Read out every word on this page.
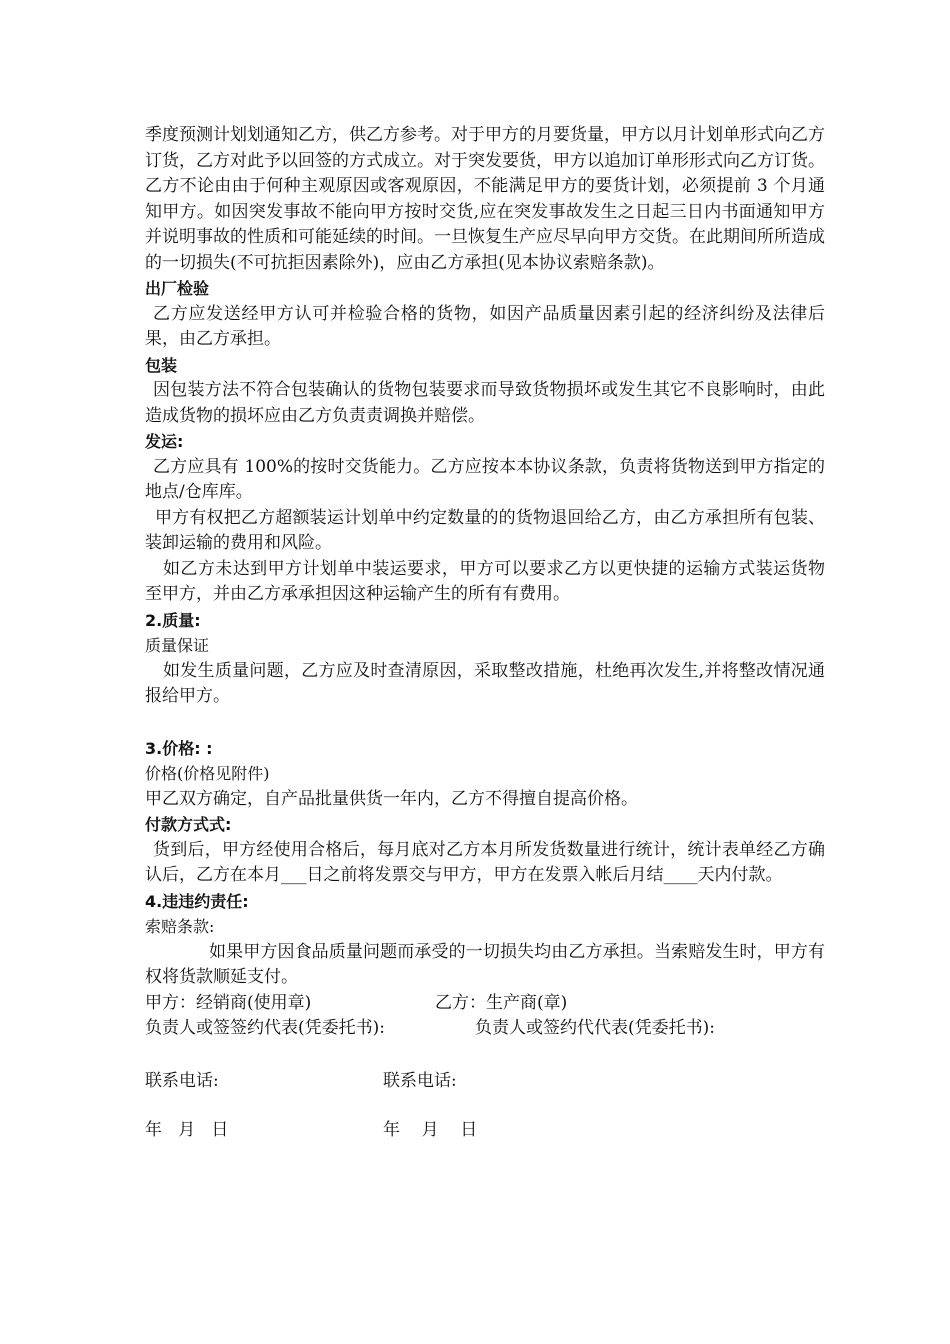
季度预测计划划通知乙方，供乙方参考。对于甲方的月要货量，甲方以月计划单形式向乙方订货，乙方对此予以回签的方式成立。对于突发要货，甲方以追加订单形形式向乙方订货。乙方不论由由于何种主观原因或客观原因，不能满足甲方的要货计划，必须提前 3 个月通知甲方。如因突发事故不能向甲方按时交货,应在突发事故发生之日起三日内书面通知甲方并说明事故的性质和可能延续的时间。一旦恢复生产应尽早向甲方交货。在此期间所所造成的一切损失(不可抗拒因素除外)，应由乙方承担(见本协议索赔条款)。

出厂检验

乙方应发送经甲方认可并检验合格的货物，如因产品质量因素引起的经济纠纷及法律后果，由乙方承担。

包装

因包装方法不符合包装确认的货物包装要求而导致货物损坏或发生其它不良影响时，由此造成货物的损坏应由乙方负责责调换并赔偿。

发运:

乙方应具有 100%的按时交货能力。乙方应按本本协议条款，负责将货物送到甲方指定的地点/仓库库。

甲方有权把乙方超额装运计划单中约定数量的的货物退回给乙方，由乙方承担所有包装、装卸运输的费用和风险。

如乙方未达到甲方计划单中装运要求，甲方可以要求乙方以更快捷的运输方式装运货物至甲方，并由乙方承承担因这种运输产生的所有有费用。

2.质量:

质量保证

如发生质量问题，乙方应及时查清原因，采取整改措施，杜绝再次发生,并将整改情况通报给甲方。

3.价格: :

价格(价格见附件)

甲乙双方确定，自产品批量供货一年内，乙方不得擅自提高价格。

付款方式式:

货到后，甲方经使用合格后，每月底对乙方本月所发货数量进行统计，统计表单经乙方确认后，乙方在本月___日之前将发票交与甲方，甲方在发票入帐后月结____天内付款。

4.违违约责任:

索赔条款:

如果甲方因食品质量问题而承受的一切损失均由乙方承担。当索赔发生时，甲方有权将货款顺延支付。

甲方：经销商(使用章)	乙方：生产商(章)
负责人或签签约代表(凭委托书):	负责人或签约代代表(凭委托书):
联系电话:	联系电话:
年   月   日	年    月    日
